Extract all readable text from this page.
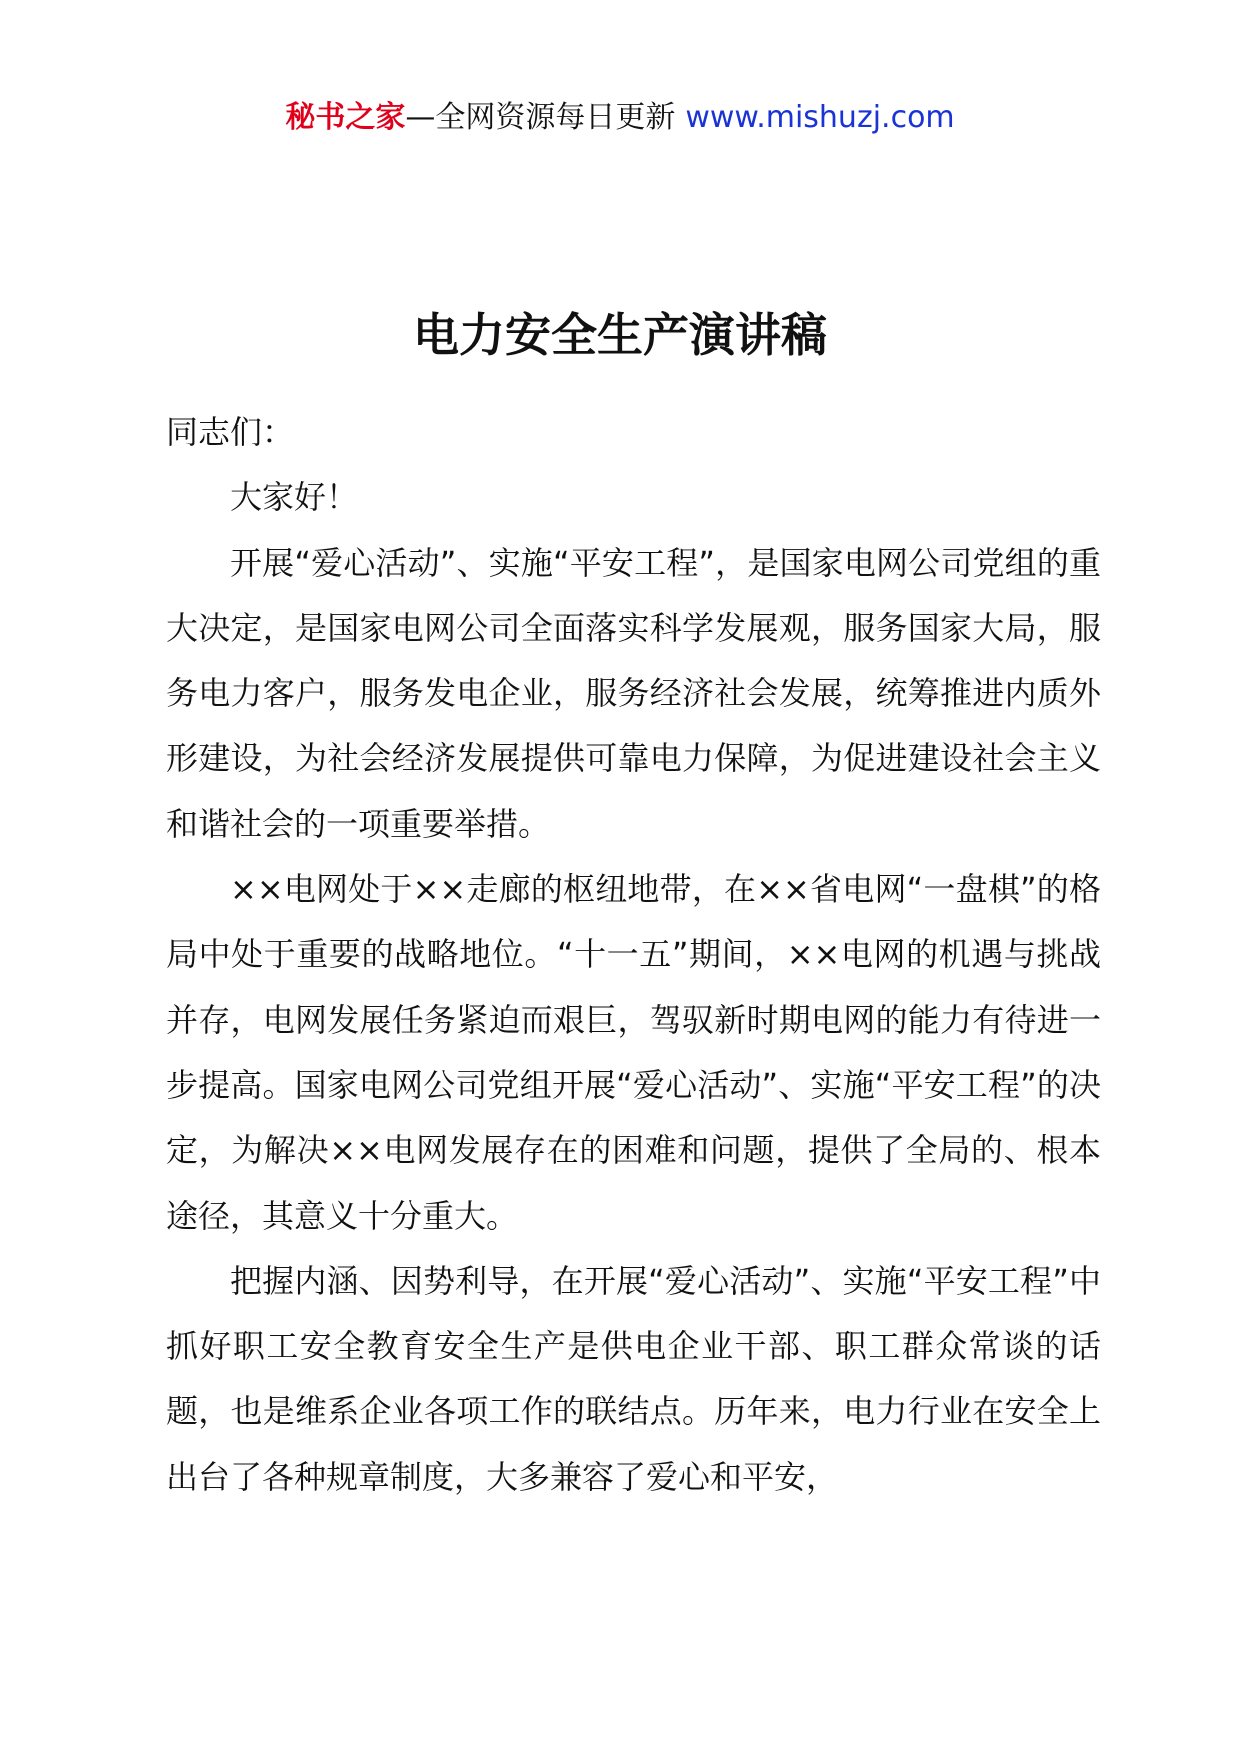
秘书之家—全网资源每日更新 www.mishuzj.com
电力安全生产演讲稿

同志们：

大家好！

开展“爱心活动”、实施“平安工程”，是国家电网公司党组的重大决定，是国家电网公司全面落实科学发展观，服务国家大局，服务电力客户，服务发电企业，服务经济社会发展，统筹推进内质外形建设，为社会经济发展提供可靠电力保障，为促进建设社会主义和谐社会的一项重要举措。

××电网处于××走廊的枢纽地带，在××省电网“一盘棋”的格局中处于重要的战略地位。“十一五”期间，××电网的机遇与挑战并存，电网发展任务紧迫而艰巨，驾驭新时期电网的能力有待进一步提高。国家电网公司党组开展“爱心活动”、实施“平安工程”的决定，为解决××电网发展存在的困难和问题，提供了全局的、根本途径，其意义十分重大。

把握内涵、因势利导，在开展“爱心活动”、实施“平安工程”中抓好职工安全教育安全生产是供电企业干部、职工群众常谈的话题，也是维系企业各项工作的联结点。历年来，电力行业在安全上出台了各种规章制度，大多兼容了爱心和平安，
